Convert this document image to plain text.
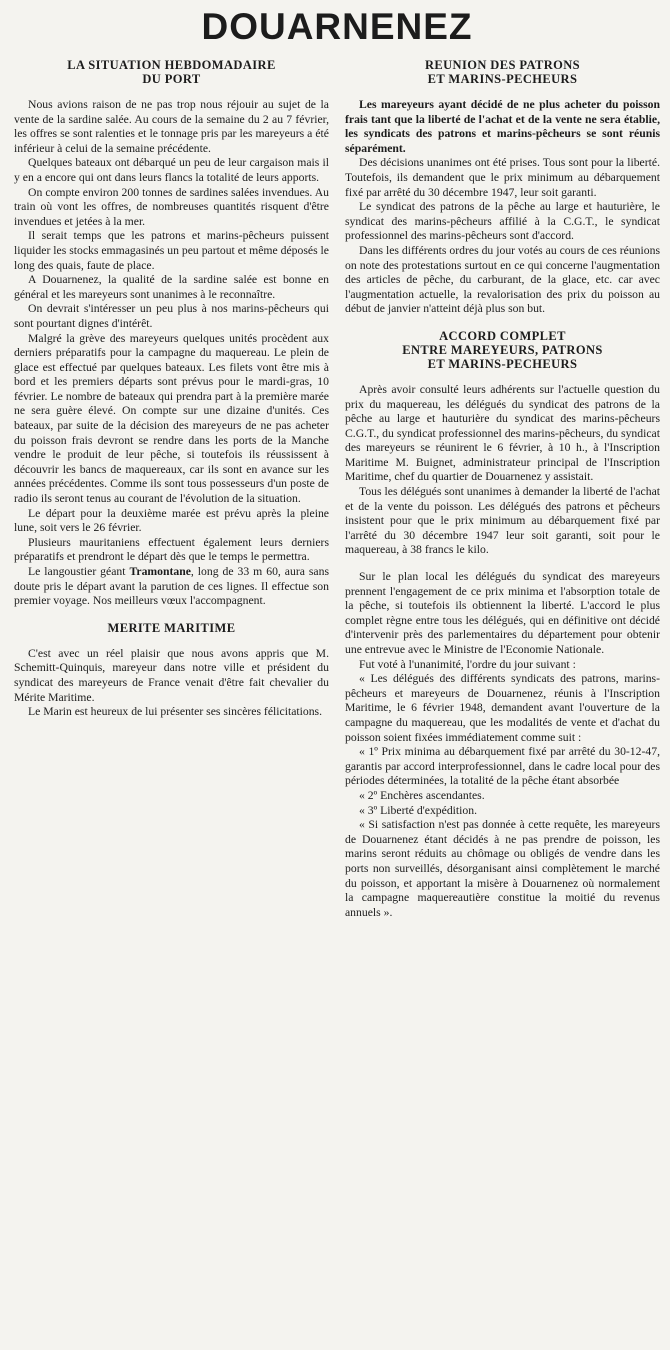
DOUARNENEZ
LA SITUATION HEBDOMADAIRE
DU PORT

Nous avions raison de ne pas trop nous réjouir au sujet de la vente de la sardine salée. Au cours de la semaine du 2 au 7 février, les offres se sont ralenties et le tonnage pris par les mareyeurs a été inférieur à celui de la semaine précédente.

Quelques bateaux ont débarqué un peu de leur cargaison mais il y en a encore qui ont dans leurs flancs la totalité de leurs apports.

On compte environ 200 tonnes de sardines salées invendues. Au train où vont les offres, de nombreuses quantités risquent d'être invendues et jetées à la mer.

Il serait temps que les patrons et marins-pêcheurs puissent liquider les stocks emmagasinés un peu partout et même déposés le long des quais, faute de place.

A Douarnenez, la qualité de la sardine salée est bonne en général et les mareyeurs sont unanimes à le reconnaître.

On devrait s'intéresser un peu plus à nos marins-pêcheurs qui sont pourtant dignes d'intérêt.

Malgré la grève des mareyeurs quelques unités procèdent aux derniers préparatifs pour la campagne du maquereau. Le plein de glace est effectué par quelques bateaux. Les filets vont être mis à bord et les premiers départs sont prévus pour le mardi-gras, 10 février. Le nombre de bateaux qui prendra part à la première marée ne sera guère élevé. On compte sur une dizaine d'unités. Ces bateaux, par suite de la décision des mareyeurs de ne pas acheter du poisson frais devront se rendre dans les ports de la Manche vendre le produit de leur pêche, si toutefois ils réussissent à découvrir les bancs de maquereaux, car ils sont en avance sur les années précédentes. Comme ils sont tous possesseurs d'un poste de radio ils seront tenus au courant de l'évolution de la situation.

Le départ pour la deuxième marée est prévu après la pleine lune, soit vers le 26 février.

Plusieurs mauritaniens effectuent également leurs derniers préparatifs et prendront le départ dès que le temps le permettra.

Le langoustier géant Tramontane, long de 33 m 60, aura sans doute pris le départ avant la parution de ces lignes. Il effectue son premier voyage. Nos meilleurs vœux l'accompagnent.

MERITE MARITIME

C'est avec un réel plaisir que nous avons appris que M. Schemitt-Quinquis, mareyeur dans notre ville et président du syndicat des mareyeurs de France venait d'être fait chevalier du Mérite Maritime.

Le Marin est heureux de lui présenter ses sincères félicitations.

REUNION DES PATRONS
ET MARINS-PECHEURS

Les mareyeurs ayant décidé de ne plus acheter du poisson frais tant que la liberté de l'achat et de la vente ne sera établie, les syndicats des patrons et marins-pêcheurs se sont réunis séparément.

Des décisions unanimes ont été prises. Tous sont pour la liberté. Toutefois, ils demandent que le prix minimum au débarquement fixé par arrêté du 30 décembre 1947, leur soit garanti.

Le syndicat des patrons de la pêche au large et hauturière, le syndicat des marins-pêcheurs affilié à la C.G.T., le syndicat professionnel des marins-pêcheurs sont d'accord.

Dans les différents ordres du jour votés au cours de ces réunions on note des protestations surtout en ce qui concerne l'augmentation des articles de pêche, du carburant, de la glace, etc. car avec l'augmentation actuelle, la revalorisation des prix du poisson au début de janvier n'atteint déjà plus son but.

ACCORD COMPLET
ENTRE MAREYEURS, PATRONS
ET MARINS-PECHEURS

Après avoir consulté leurs adhérents sur l'actuelle question du prix du maquereau, les délégués du syndicat des patrons de la pêche au large et hauturière du syndicat des marins-pêcheurs C.G.T., du syndicat professionnel des marins-pêcheurs, du syndicat des mareyeurs se réunirent le 6 février, à 10 h., à l'Inscription Maritime M. Buignet, administrateur principal de l'Inscription Maritime, chef du quartier de Douarnenez y assistait.

Tous les délégués sont unanimes à demander la liberté de l'achat et de la vente du poisson. Les délégués des patrons et pêcheurs insistent pour que le prix minimum au débarquement fixé par l'arrêté du 30 décembre 1947 leur soit garanti, soit pour le maquereau, à 38 francs le kilo.

Sur le plan local les délégués du syndicat des mareyeurs prennent l'engagement de ce prix minima et l'absorption totale de la pêche, si toutefois ils obtiennent la liberté. L'accord le plus complet règne entre tous les délégués, qui en définitive ont décidé d'intervenir près des parlementaires du département pour obtenir une entrevue avec le Ministre de l'Economie Nationale.

Fut voté à l'unanimité, l'ordre du jour suivant :

« Les délégués des différents syndicats des patrons, marins-pêcheurs et mareyeurs de Douarnenez, réunis à l'Inscription Maritime, le 6 février 1948, demandent avant l'ouverture de la campagne du maquereau, que les modalités de vente et d'achat du poisson soient fixées immédiatement comme suit :

« 1º Prix minima au débarquement fixé par arrêté du 30-12-47, garantis par accord interprofessionnel, dans le cadre local pour des périodes déterminées, la totalité de la pêche étant absorbée

« 2º Enchères ascendantes.

« 3º Liberté d'expédition.

« Si satisfaction n'est pas donnée à cette requête, les mareyeurs de Douarnenez étant décidés à ne pas prendre de poisson, les marins seront réduits au chômage ou obligés de vendre dans les ports non surveillés, désorganisant ainsi complètement le marché du poisson, et apportant la misère à Douarnenez où normalement la campagne maquereautière constitue la moitié du revenus annuels ».
